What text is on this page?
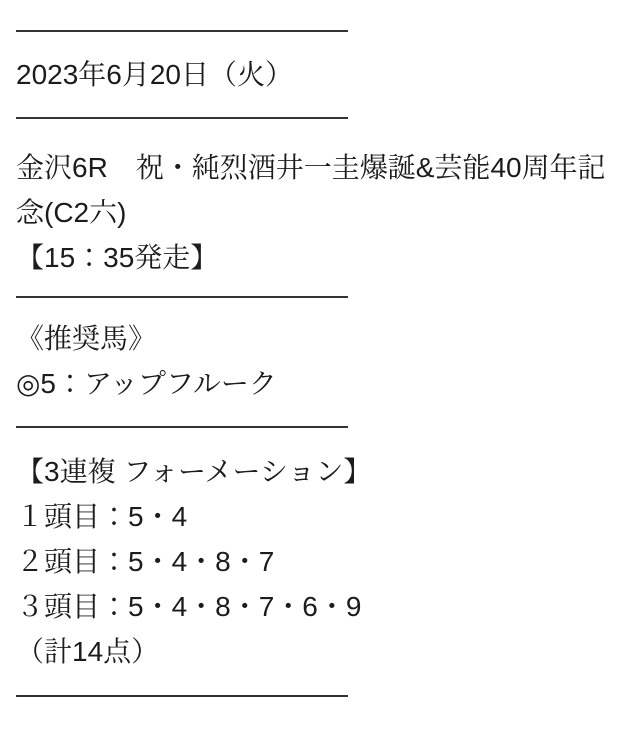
2023年6月20日（火）

金沢6R　祝・純烈酒井一圭爆誕&芸能40周年記念(C2六)

【15：35発走】

《推奨馬》

◎5：アップフルーク

【3連複 フォーメーション】

１頭目：5・4

２頭目：5・4・8・7

３頭目：5・4・8・7・6・9

（計14点）
